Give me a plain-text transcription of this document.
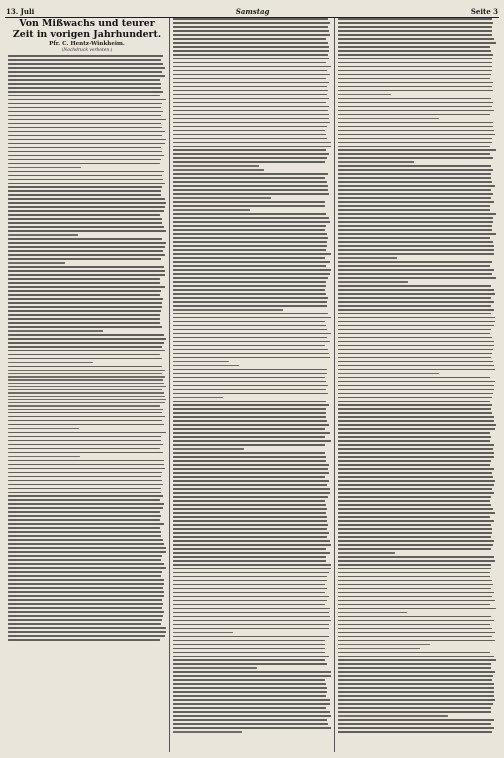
13. Juli	Samstag	Seite 3
Von Mißwachs und teurer Zeit in vorigen Jahrhundert.
Pfr. C. Hentz-Winkheim.
(Nachdruck verboten.)
